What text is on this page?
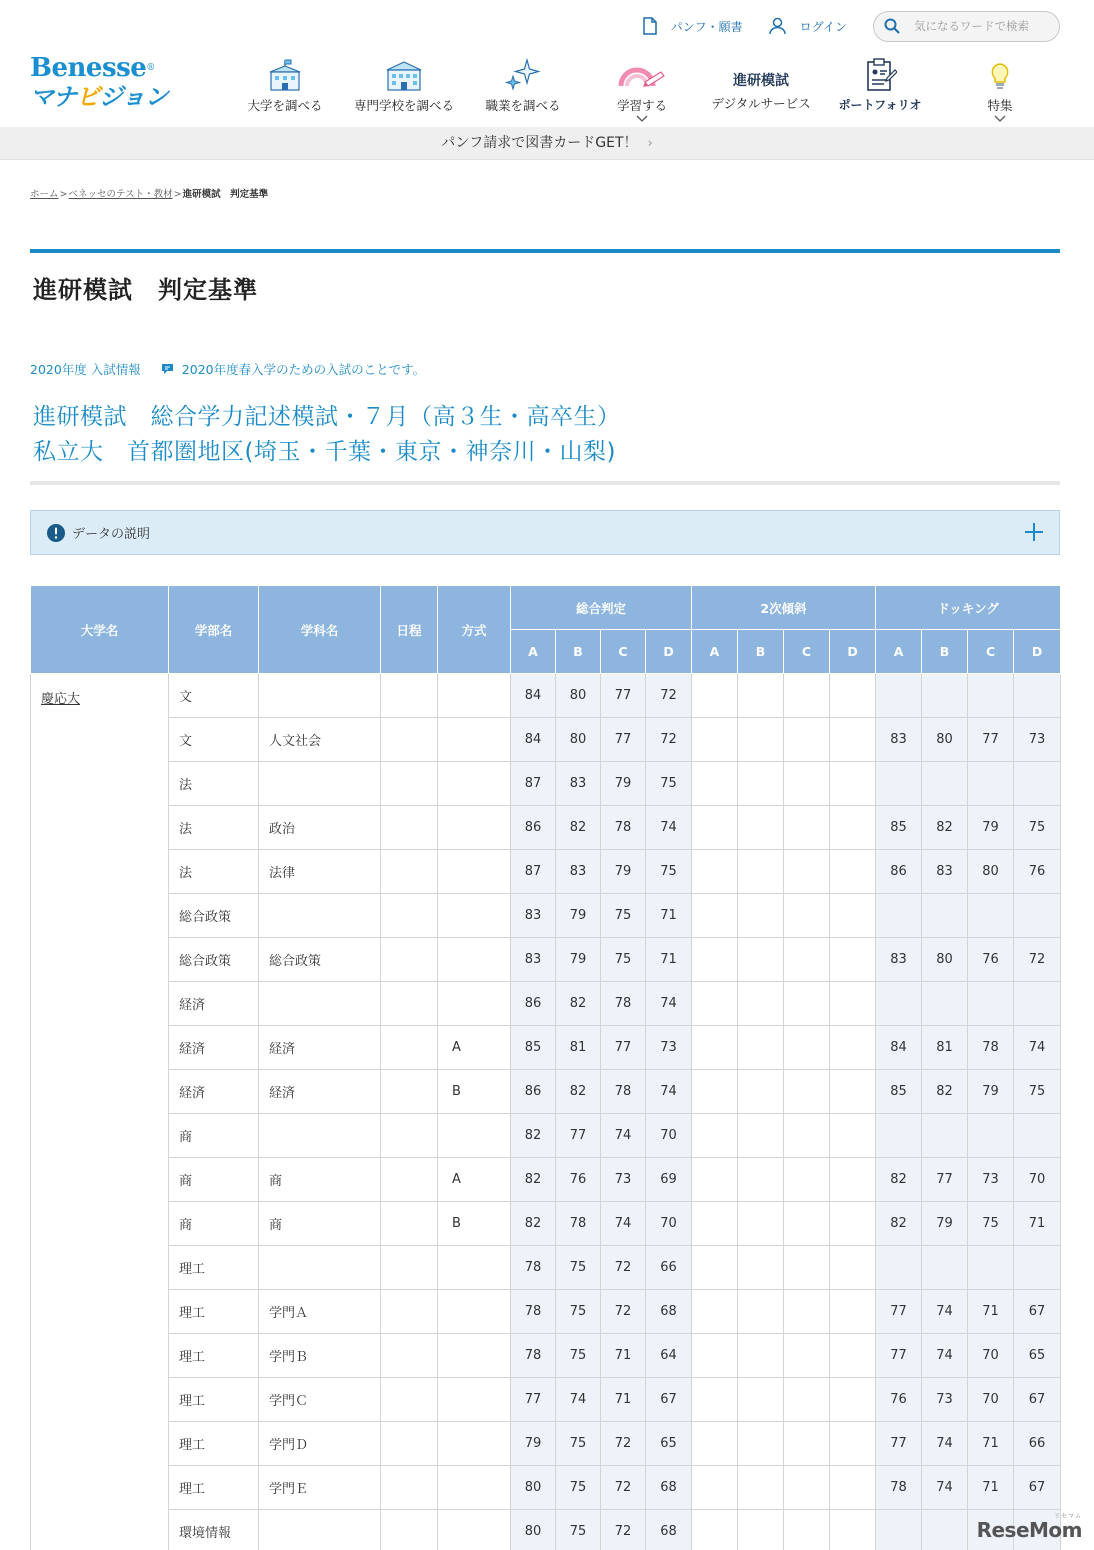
パンフ・願書	ログイン	気になるワードで検索
Benesse®
マナビジョン	大学を調べる	専門学校を調べる	職業を調べる	学習する
進研模試
デジタルサービス	ポートフォリオ	特集
パンフ請求で図書カードGET！ ›
ホーム>ベネッセのテスト・教材>進研模試　判定基準
進研模試　判定基準
2020年度 入試情報	2020年度春入学のための入試のことです。
進研模試　総合学力記述模試・７月（高３生・高卒生）
私立大　首都圏地区(埼玉・千葉・東京・神奈川・山梨)
データの説明
大学名	学部名	学科名	日程	方式	総合判定				2次傾斜				ドッキング			
					A	B	C	D	A	B	C	D	A	B	C	D
慶応大	文				84	80	77	72								
	文	人文社会			84	80	77	72					83	80	77	73
	法				87	83	79	75								
	法	政治			86	82	78	74					85	82	79	75
	法	法律			87	83	79	75					86	83	80	76
	総合政策				83	79	75	71								
	総合政策	総合政策			83	79	75	71					83	80	76	72
	経済				86	82	78	74								
	経済	経済		A	85	81	77	73					84	81	78	74
	経済	経済		B	86	82	78	74					85	82	79	75
	商				82	77	74	70								
	商	商		A	82	76	73	69					82	77	73	70
	商	商		B	82	78	74	70					82	79	75	71
	理工				78	75	72	66								
	理工	学門Ａ			78	75	72	68					77	74	71	67
	理工	学門Ｂ			78	75	71	64					77	74	70	65
	理工	学門Ｃ			77	74	71	67					76	73	70	67
	理工	学門Ｄ			79	75	72	65					77	74	71	66
	理工	学門Ｅ			80	75	72	68					78	74	71	67
	環境情報				80	75	72	68								
リセマム
ReseMom
